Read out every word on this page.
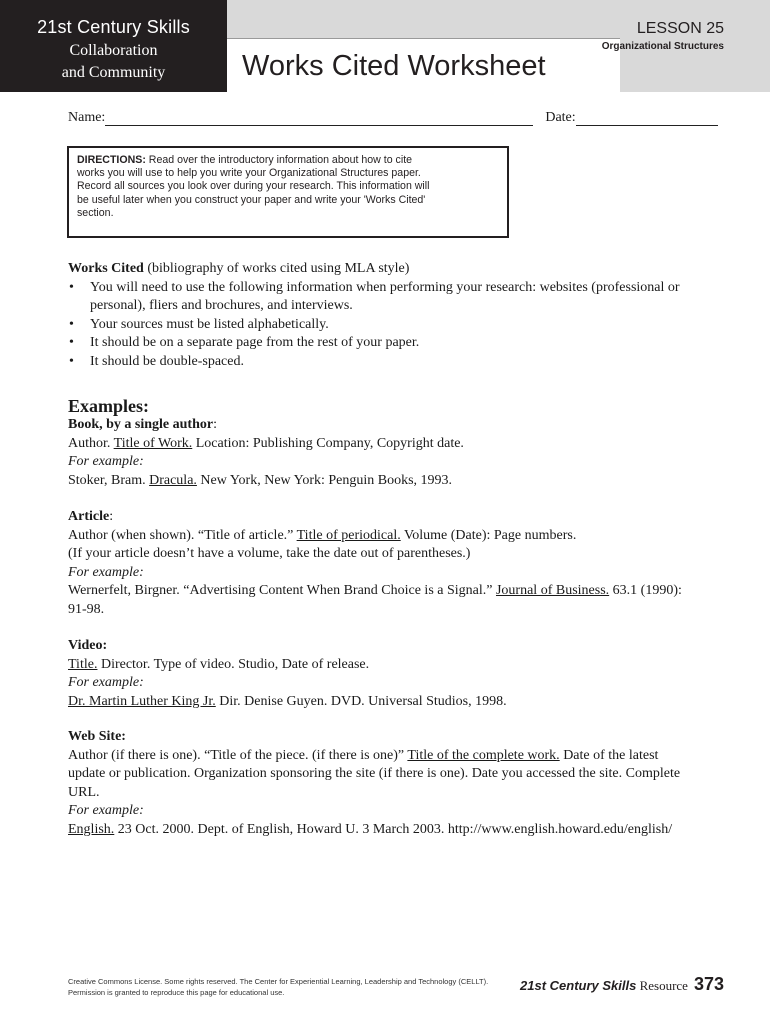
21st Century Skills
Collaboration
and Community	Works Cited Worksheet
LESSON 25
Organizational Structures
Name:	Date:
DIRECTIONS: Read over the introductory information about how to cite
works you will use to help you write your Organizational Structures paper.
Record all sources you look over during your research. This information will
be useful later when you construct your paper and write your 'Works Cited'
section.
Works Cited (bibliography of works cited using MLA style)
• You will need to use the following information when performing your research: websites (professional or personal), fliers and brochures, and interviews.
• Your sources must be listed alphabetically.
• It should be on a separate page from the rest of your paper.
• It should be double-spaced.
Examples:
Book, by a single author:
Author. Title of Work. Location: Publishing Company, Copyright date.
For example:
Stoker, Bram. Dracula. New York, New York: Penguin Books, 1993.
Article:
Author (when shown). “Title of article.” Title of periodical. Volume (Date): Page numbers.
(If your article doesn’t have a volume, take the date out of parentheses.)
For example:
Wernerfelt, Birgner. “Advertising Content When Brand Choice is a Signal.” Journal of Business. 63.1 (1990):
91-98.
Video:
Title. Director. Type of video. Studio, Date of release.
For example:
Dr. Martin Luther King Jr. Dir. Denise Guyen. DVD. Universal Studios, 1998.
Web Site:
Author (if there is one). “Title of the piece. (if there is one)” Title of the complete work. Date of the latest
update or publication. Organization sponsoring the site (if there is one). Date you accessed the site. Complete
URL.
For example:
English. 23 Oct. 2000. Dept. of English, Howard U. 3 March 2003. http://www.english.howard.edu/english/
Creative Commons License. Some rights reserved. The Center for Experiential Learning, Leadership and Technology (CELLT).
Permission is granted to reproduce this page for educational use.	21st Century Skills Resource 373
